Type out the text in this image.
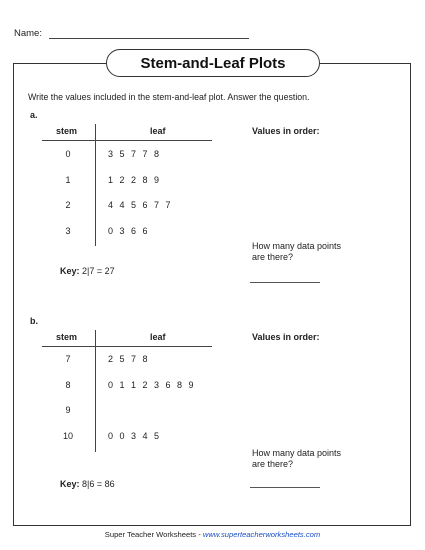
Name:
Stem-and-Leaf Plots
Write the values included in the stem-and-leaf plot. Answer the question.
a.
stem	leaf	Values in order:
0	3  5  7  7  8
1	1  2  2  8  9
2	4  4  5  6  7  7
3	0  3  6  6
Key: 2|7 = 27
How many data points
are there?
b.
stem	leaf	Values in order:
7	2  5  7  8
8	0  1  1  2  3  6  8  9
9
10	0  0  3  4  5
Key: 8|6 = 86
How many data points
are there?
Super Teacher Worksheets - www.superteacherworksheets.com
